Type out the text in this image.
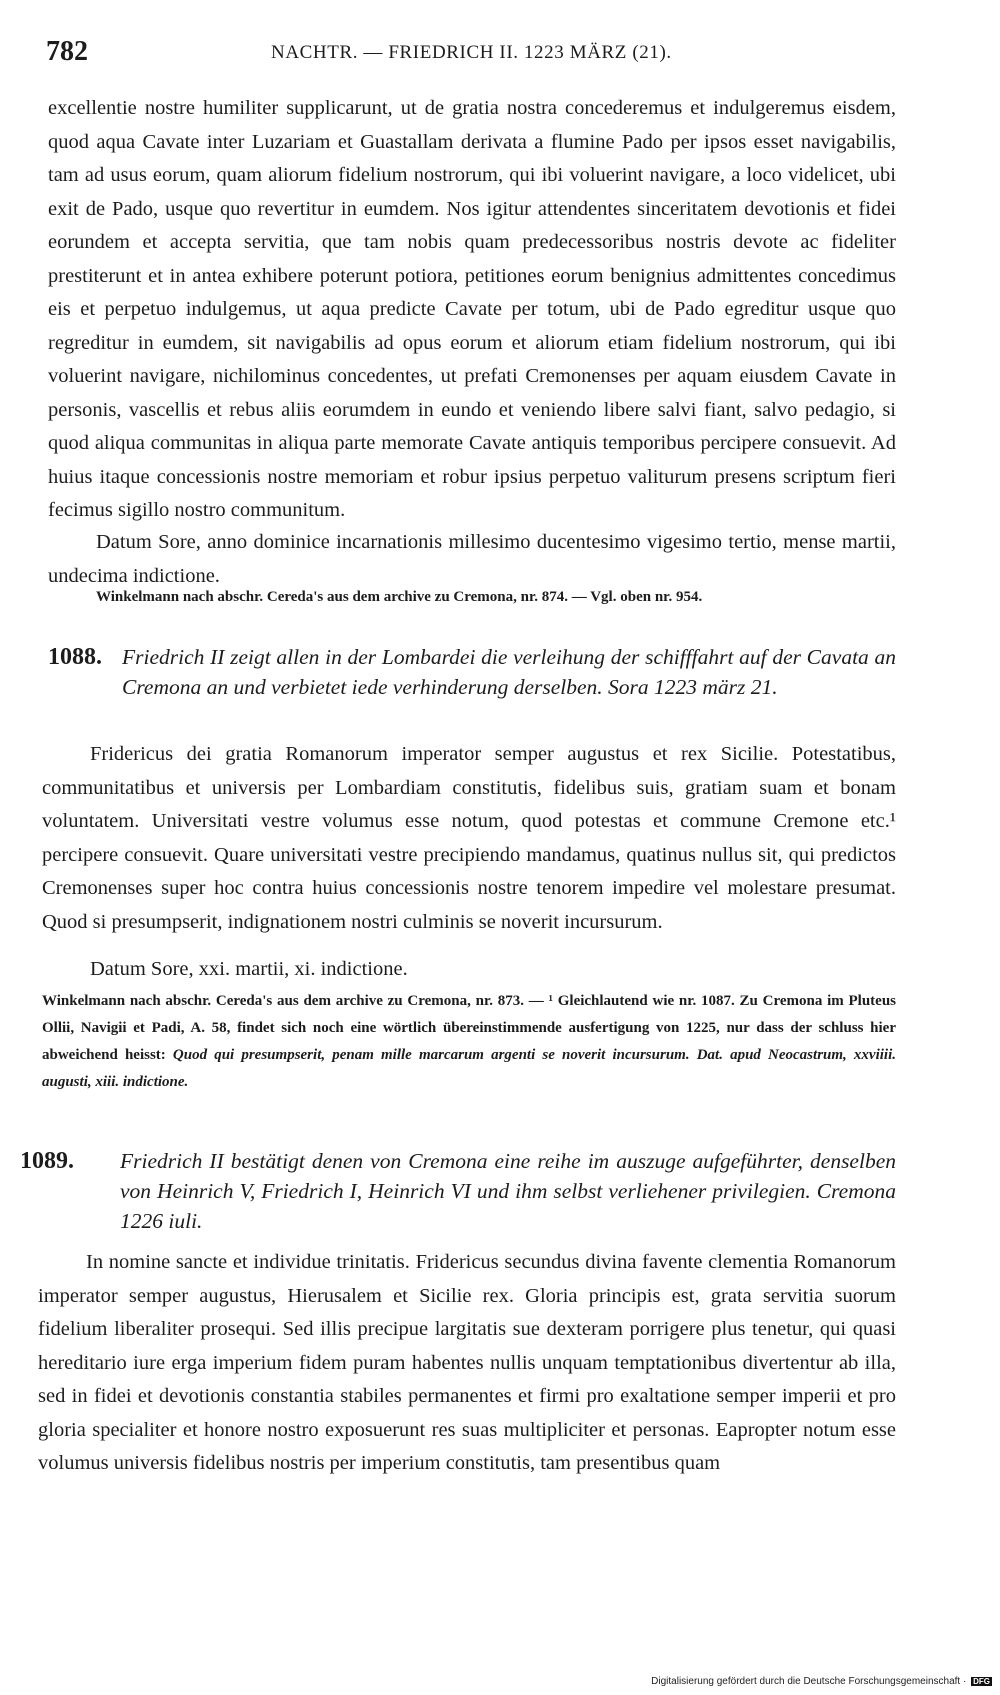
782	NACHTR. — FRIEDRICH II. 1223 MÄRZ (21).

excellentie nostre humiliter supplicarunt, ut de gratia nostra concederemus et indulgeremus eisdem, quod aqua Cavate inter Luzariam et Guastallam derivata a flumine Pado per ipsos esset navigabilis, tam ad usus eorum, quam aliorum fidelium nostrorum, qui ibi voluerint navigare, a loco videlicet, ubi exit de Pado, usque quo revertitur in eumdem. Nos igitur attendentes sinceritatem devotionis et fidei eorundem et accepta servitia, que tam nobis quam predecessoribus nostris devote ac fideliter prestiterunt et in antea exhibere poterunt potiora, petitiones eorum benignius admittentes concedimus eis et perpetuo indulgemus, ut aqua predicte Cavate per totum, ubi de Pado egreditur usque quo regreditur in eumdem, sit navigabilis ad opus eorum et aliorum etiam fidelium nostrorum, qui ibi voluerint navigare, nichilominus concedentes, ut prefati Cremonenses per aquam eiusdem Cavate in personis, vascellis et rebus aliis eorumdem in eundo et veniendo libere salvi fiant, salvo pedagio, si quod aliqua communitas in aliqua parte memorate Cavate antiquis temporibus percipere consuevit. Ad huius itaque concessionis nostre memoriam et robur ipsius perpetuo valiturum presens scriptum fieri fecimus sigillo nostro communitum.

Datum Sore, anno dominice incarnationis millesimo ducentesimo vigesimo tertio, mense martii, undecima indictione.

Winkelmann nach abschr. Cereda's aus dem archive zu Cremona, nr. 874. — Vgl. oben nr. 954.

1088. Friedrich II zeigt allen in der Lombardei die verleihung der schifffahrt auf der Cavata an Cremona an und verbietet iede verhinderung derselben. Sora 1223 märz 21.

Fridericus dei gratia Romanorum imperator semper augustus et rex Sicilie. Potestatibus, communitatibus et universis per Lombardiam constitutis, fidelibus suis, gratiam suam et bonam voluntatem. Universitati vestre volumus esse notum, quod potestas et commune Cremone etc.¹ percipere consuevit. Quare universitati vestre precipiendo mandamus, quatinus nullus sit, qui predictos Cremonenses super hoc contra huius concessionis nostre tenorem impedire vel molestare presumat. Quod si presumpserit, indignationem nostri culminis se noverit incursurum.

Datum Sore, xxi. martii, xi. indictione.

Winkelmann nach abschr. Cereda's aus dem archive zu Cremona, nr. 873. — ¹ Gleichlautend wie nr. 1087. Zu Cremona im Pluteus Ollii, Navigii et Padi, A. 58, findet sich noch eine wörtlich übereinstimmende ausfertigung von 1225, nur dass der schluss hier abweichend heisst: Quod qui presumpserit, penam mille marcarum argenti se noverit incursurum. Dat. apud Neocastrum, xxviiii. augusti, xiii. indictione.

1089. Friedrich II bestätigt denen von Cremona eine reihe im auszuge aufgeführter, denselben von Heinrich V, Friedrich I, Heinrich VI und ihm selbst verliehener privilegien. Cremona 1226 iuli.

In nomine sancte et individue trinitatis. Fridericus secundus divina favente clementia Romanorum imperator semper augustus, Hierusalem et Sicilie rex. Gloria principis est, grata servitia suorum fidelium liberaliter prosequi. Sed illis precipue largitatis sue dexteram porrigere plus tenetur, qui quasi hereditario iure erga imperium fidem puram habentes nullis unquam temptationibus divertentur ab illa, sed in fidei et devotionis constantia stabiles permanentes et firmi pro exaltatione semper imperii et pro gloria specialiter et honore nostro exposuerunt res suas multipliciter et personas. Eapropter notum esse volumus universis fidelibus nostris per imperium constitutis, tam presentibus quam

Digitalisierung gefördert durch die Deutsche Forschungsgemeinschaft · DFG
